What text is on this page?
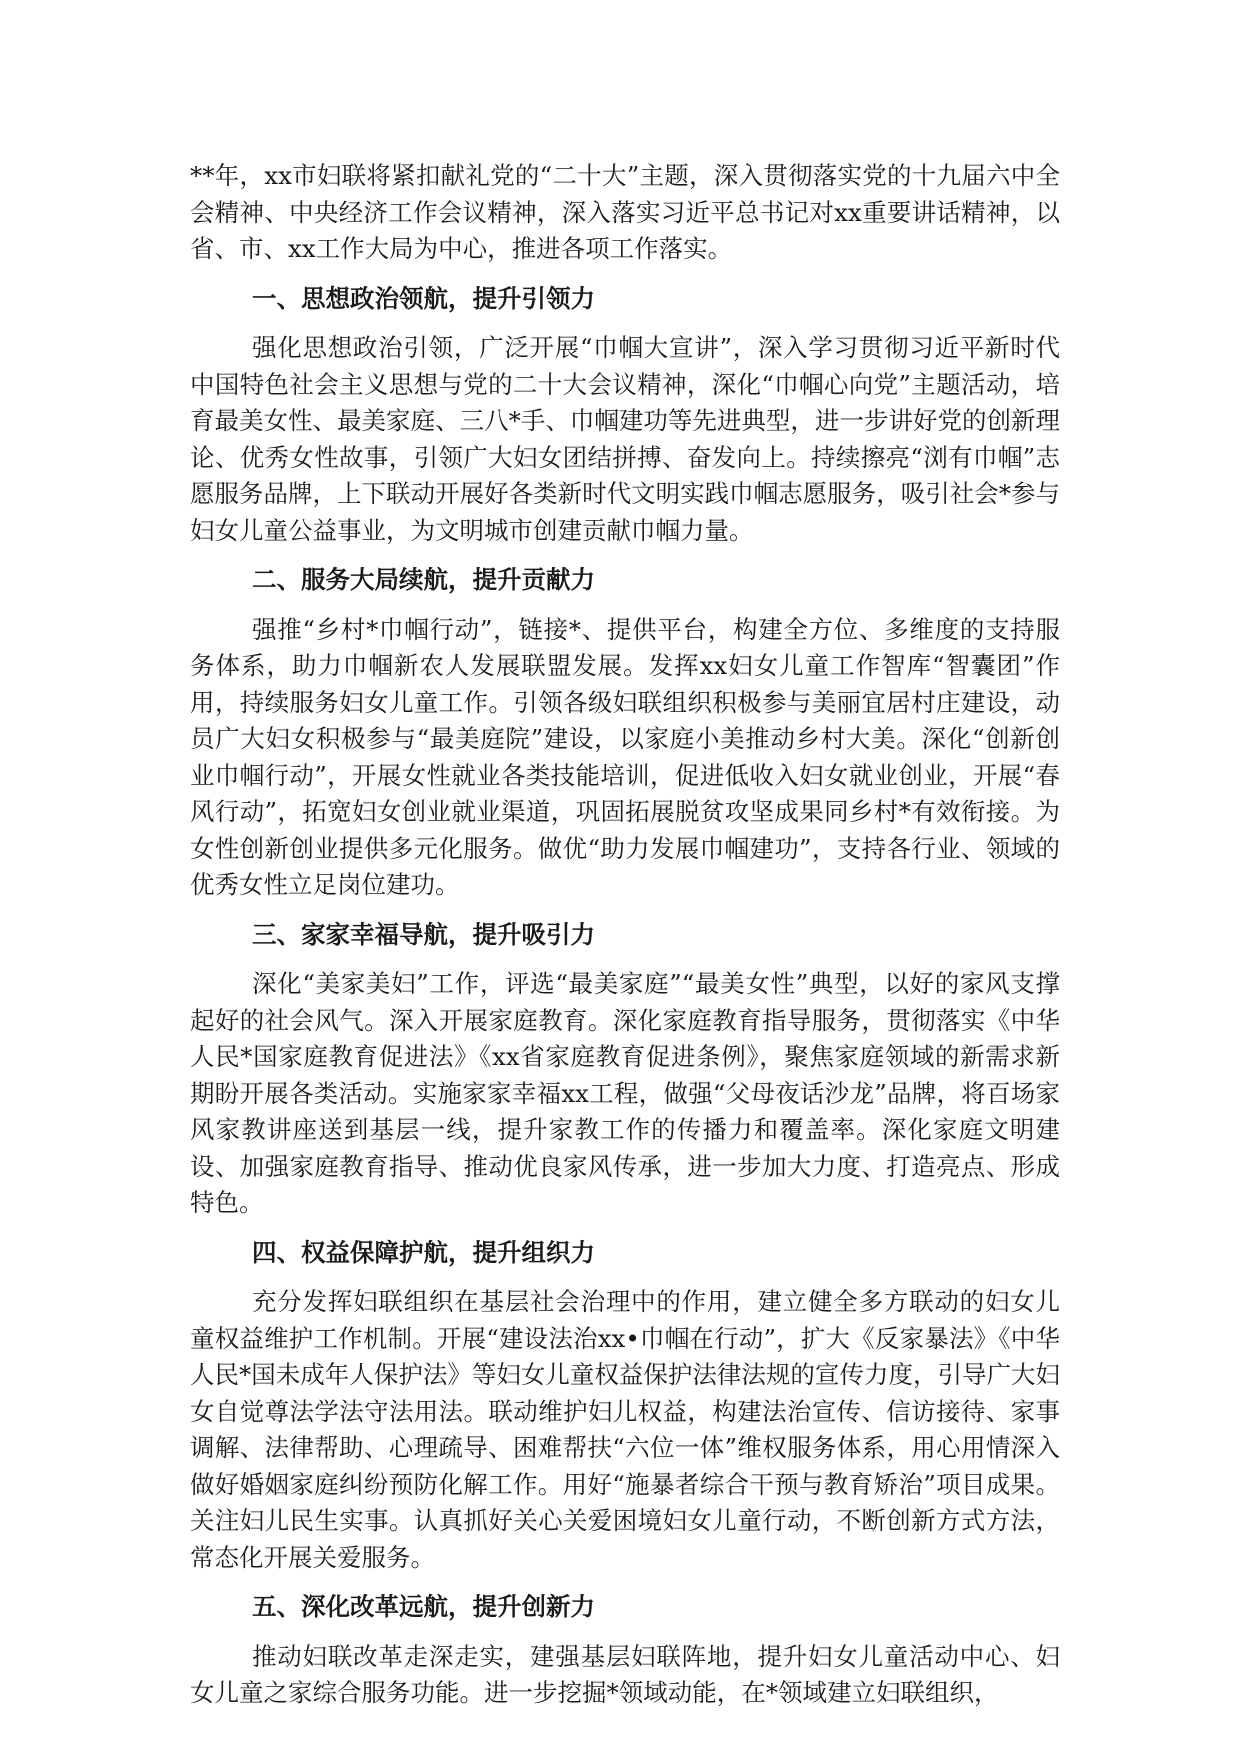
**年，xx市妇联将紧扣献礼党的“二十大”主题，深入贯彻落实党的十九届六中全会精神、中央经济工作会议精神，深入落实习近平总书记对xx重要讲话精神，以省、市、xx工作大局为中心，推进各项工作落实。

一、思想政治领航，提升引领力

强化思想政治引领，广泛开展“巾帼大宣讲”，深入学习贯彻习近平新时代中国特色社会主义思想与党的二十大会议精神，深化“巾帼心向党”主题活动，培育最美女性、最美家庭、三八*手、巾帼建功等先进典型，进一步讲好党的创新理论、优秀女性故事，引领广大妇女团结拼搏、奋发向上。持续擦亮“浏有巾帼”志愿服务品牌，上下联动开展好各类新时代文明实践巾帼志愿服务，吸引社会*参与妇女儿童公益事业，为文明城市创建贡献巾帼力量。

二、服务大局续航，提升贡献力

强推“乡村*巾帼行动”，链接*、提供平台，构建全方位、多维度的支持服务体系，助力巾帼新农人发展联盟发展。发挥xx妇女儿童工作智库“智囊团”作用，持续服务妇女儿童工作。引领各级妇联组织积极参与美丽宜居村庄建设，动员广大妇女积极参与“最美庭院”建设，以家庭小美推动乡村大美。深化“创新创业巾帼行动”，开展女性就业各类技能培训，促进低收入妇女就业创业，开展“春风行动”，拓宽妇女创业就业渠道，巩固拓展脱贫攻坚成果同乡村*有效衔接。为女性创新创业提供多元化服务。做优“助力发展巾帼建功”，支持各行业、领域的优秀女性立足岗位建功。

三、家家幸福导航，提升吸引力

深化“美家美妇”工作，评选“最美家庭”“最美女性”典型，以好的家风支撑起好的社会风气。深入开展家庭教育。深化家庭教育指导服务，贯彻落实《中华人民*国家庭教育促进法》《xx省家庭教育促进条例》，聚焦家庭领域的新需求新期盼开展各类活动。实施家家幸福xx工程，做强“父母夜话沙龙”品牌，将百场家风家教讲座送到基层一线，提升家教工作的传播力和覆盖率。深化家庭文明建设、加强家庭教育指导、推动优良家风传承，进一步加大力度、打造亮点、形成特色。

四、权益保障护航，提升组织力

充分发挥妇联组织在基层社会治理中的作用，建立健全多方联动的妇女儿童权益维护工作机制。开展“建设法治xx•巾帼在行动”，扩大《反家暴法》《中华人民*国未成年人保护法》等妇女儿童权益保护法律法规的宣传力度，引导广大妇女自觉尊法学法守法用法。联动维护妇儿权益，构建法治宣传、信访接待、家事调解、法律帮助、心理疏导、困难帮扶“六位一体”维权服务体系，用心用情深入做好婚姻家庭纠纷预防化解工作。用好“施暴者综合干预与教育矫治”项目成果。关注妇儿民生实事。认真抓好关心关爱困境妇女儿童行动，不断创新方式方法，常态化开展关爱服务。

五、深化改革远航，提升创新力

推动妇联改革走深走实，建强基层妇联阵地，提升妇女儿童活动中心、妇女儿童之家综合服务功能。进一步挖掘*领域动能，在*领域建立妇联组织，
